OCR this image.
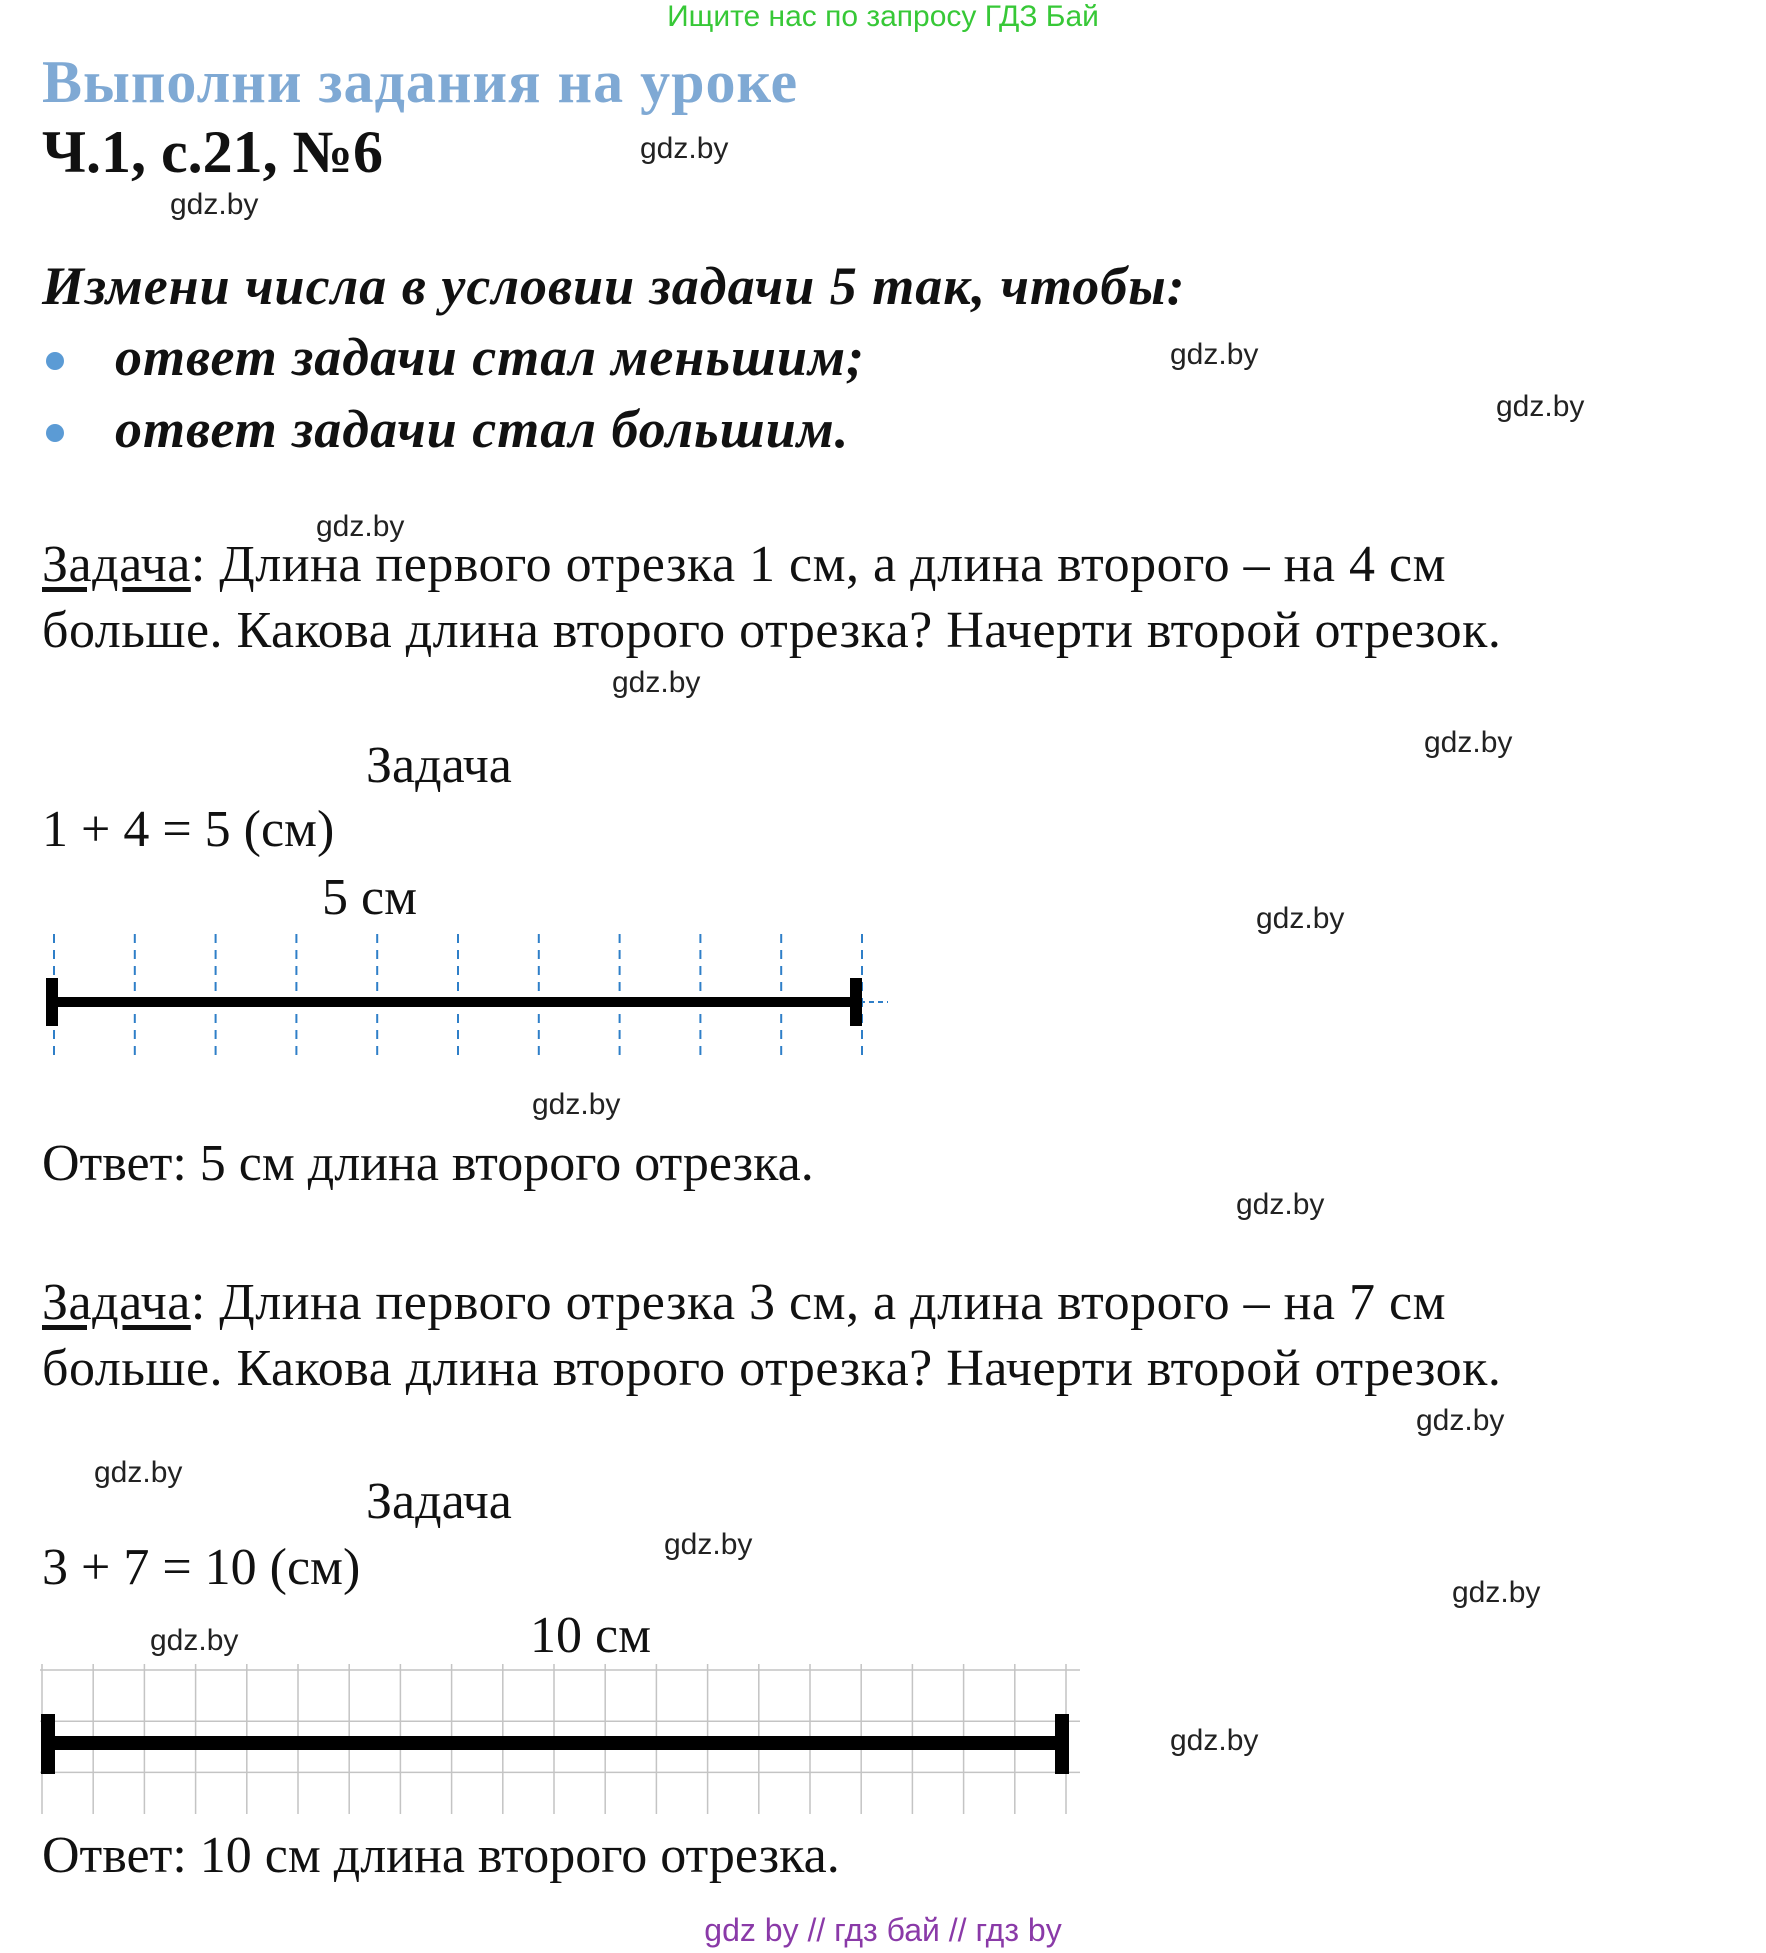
Ищите нас по запросу ГДЗ Бай
Выполни задания на уроке
Ч.1, с.21, №6
Измени числа в условии задачи 5 так, чтобы:
ответ задачи стал меньшим;
ответ задачи стал большим.
Задача: Длина первого отрезка 1 см, а длина второго – на 4 см
больше. Какова длина второго отрезка? Начерти второй отрезок.
Задача
1 + 4 = 5 (см)
5 см
Ответ: 5 см длина второго отрезка.
Задача: Длина первого отрезка 3 см, а длина второго – на 7 см
больше. Какова длина второго отрезка? Начерти второй отрезок.
Задача
3 + 7 = 10 (см)
10 см
Ответ: 10 см длина второго отрезка.
gdz.by
gdz.by
gdz.by
gdz.by
gdz.by
gdz.by
gdz.by
gdz.by
gdz.by
gdz.by
gdz.by
gdz.by
gdz.by
gdz.by
gdz.by
gdz.by
gdz by // гдз бай // гдз by
